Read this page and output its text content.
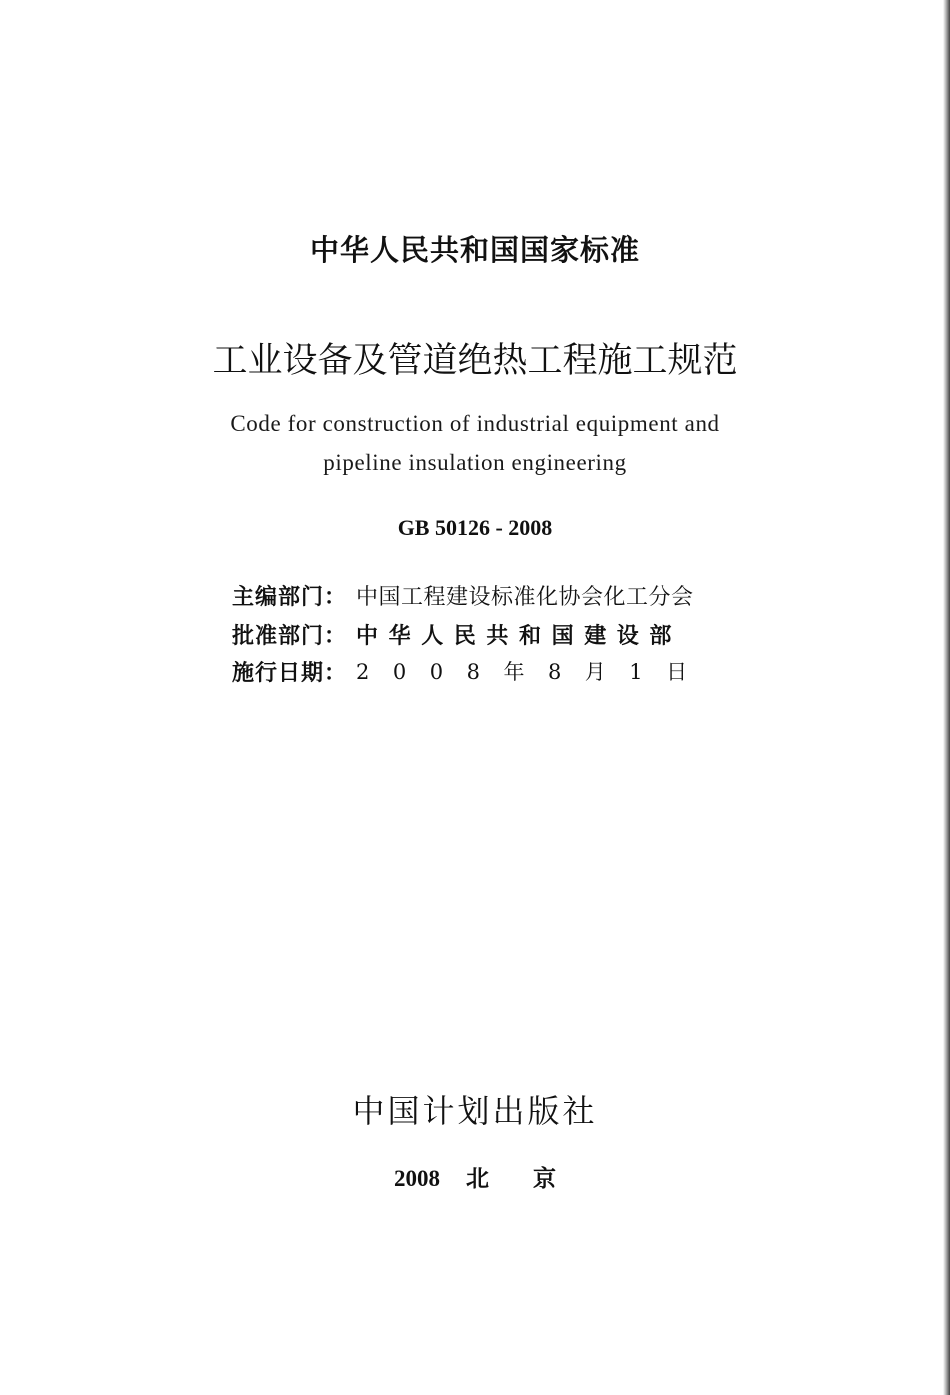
中华人民共和国国家标准
工业设备及管道绝热工程施工规范
Code for construction of industrial equipment and
pipeline insulation engineering
GB 50126 - 2008
主编部门： 中国工程建设标准化协会化工分会
批准部门： 中华人民共和国建设部
施行日期： 2008年8月1日
中国计划出版社
2008 北京
